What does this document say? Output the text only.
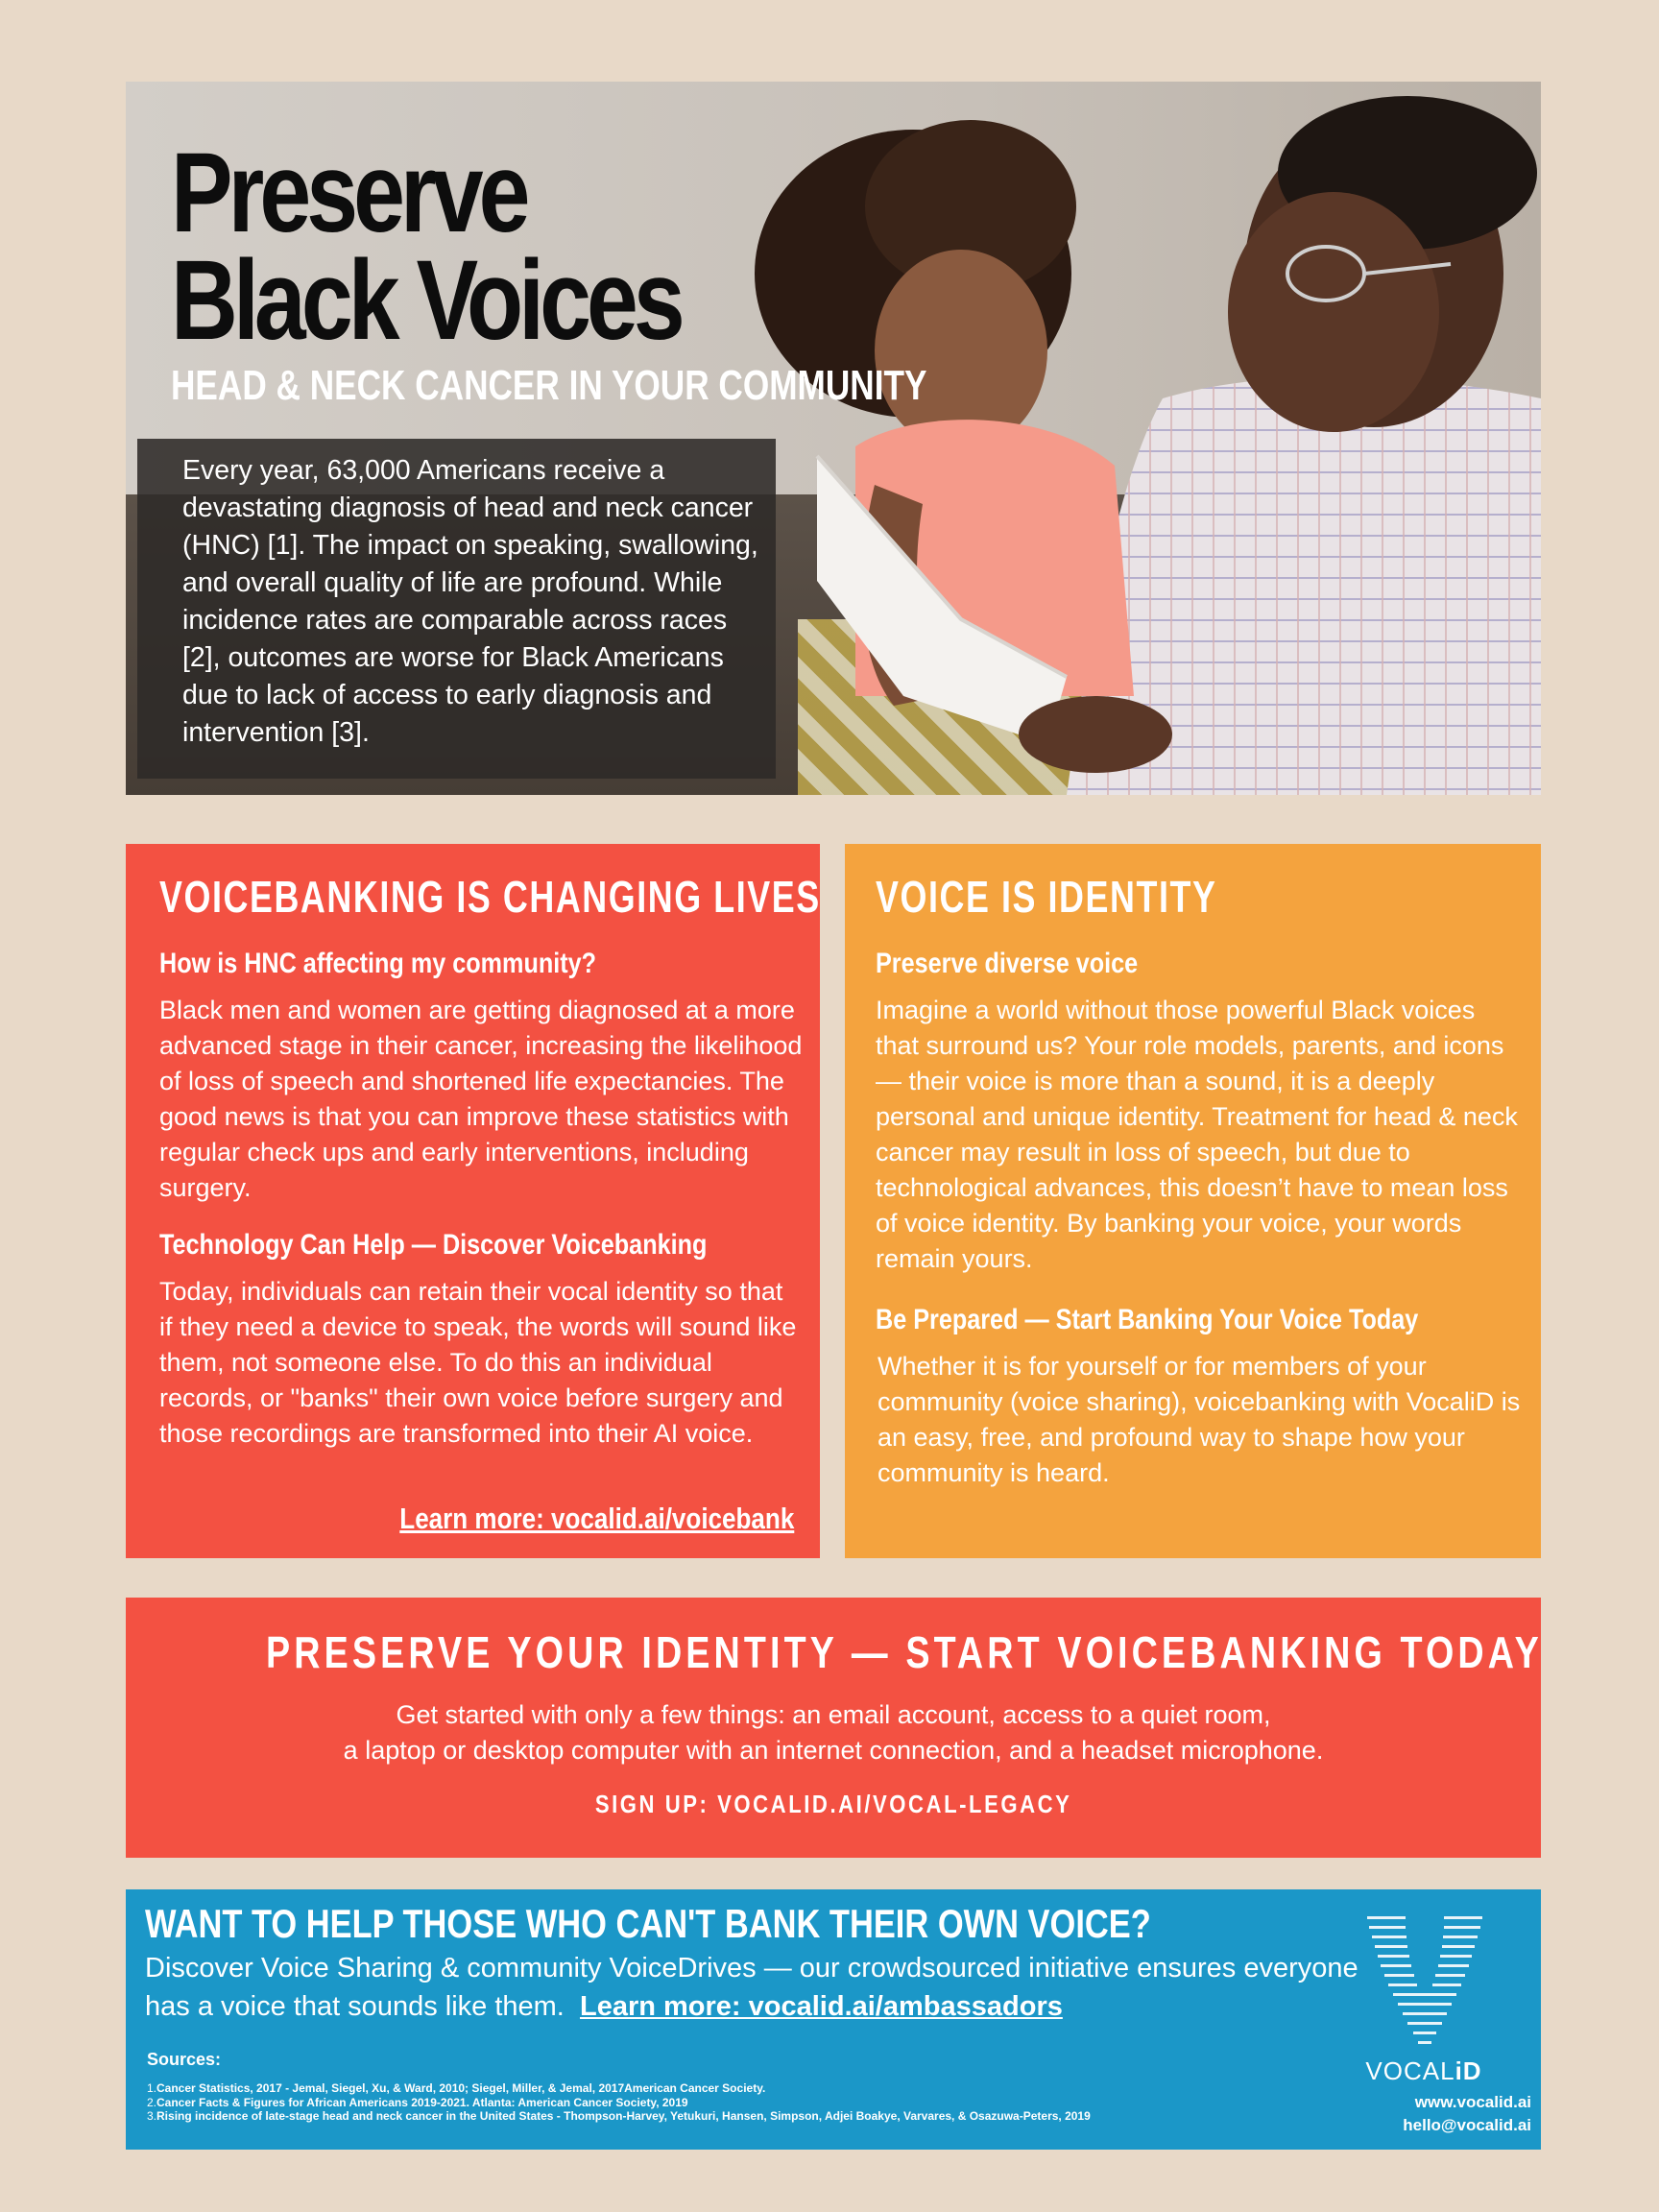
Preserve
Black Voices
HEAD & NECK CANCER IN YOUR COMMUNITY

Every year, 63,000 Americans receive a devastating diagnosis of head and neck cancer (HNC) [1]. The impact on speaking, swallowing, and overall quality of life are profound. While incidence rates are comparable across races [2], outcomes are worse for Black Americans due to lack of access to early diagnosis and intervention [3].

VOICEBANKING IS CHANGING LIVES
How is HNC affecting my community?

Black men and women are getting diagnosed at a more advanced stage in their cancer, increasing the likelihood of loss of speech and shortened life expectancies. The good news is that you can improve these statistics with regular check ups and early interventions, including surgery.

Technology Can Help — Discover Voicebanking

Today, individuals can retain their vocal identity so that if they need a device to speak, the words will sound like them, not someone else. To do this an individual records, or "banks" their own voice before surgery and those recordings are transformed into their AI voice.

Learn more: vocalid.ai/voicebank
VOICE IS IDENTITY
Preserve diverse voice

Imagine a world without those powerful Black voices that surround us? Your role models, parents, and icons — their voice is more than a sound, it is a deeply personal and unique identity. Treatment for head & neck cancer may result in loss of speech, but due to technological advances, this doesn’t have to mean loss of voice identity. By banking your voice, your words remain yours.

Be Prepared — Start Banking Your Voice Today

Whether it is for yourself or for members of your community (voice sharing), voicebanking with VocaliD is an easy, free, and profound way to shape how your community is heard.

PRESERVE YOUR IDENTITY — START VOICEBANKING TODAY

Get started with only a few things: an email account, access to a quiet room,
a laptop or desktop computer with an internet connection, and a headset microphone.

SIGN UP: VOCALID.AI/VOCAL-LEGACY
WANT TO HELP THOSE WHO CAN'T BANK THEIR OWN VOICE?

Discover Voice Sharing & community VoiceDrives — our crowdsourced initiative ensures everyone has a voice that sounds like them. Learn more: vocalid.ai/ambassadors

Sources:
1.Cancer Statistics, 2017 - Jemal, Siegel, Xu, & Ward, 2010; Siegel, Miller, & Jemal, 2017American Cancer Society.
2.Cancer Facts & Figures for African Americans 2019-2021. Atlanta: American Cancer Society, 2019
3.Rising incidence of late-stage head and neck cancer in the United States - Thompson-Harvey, Yetukuri, Hansen, Simpson, Adjei Boakye, Varvares, & Osazuwa-Peters, 2019
VOCALiD
www.vocalid.ai
hello@vocalid.ai
